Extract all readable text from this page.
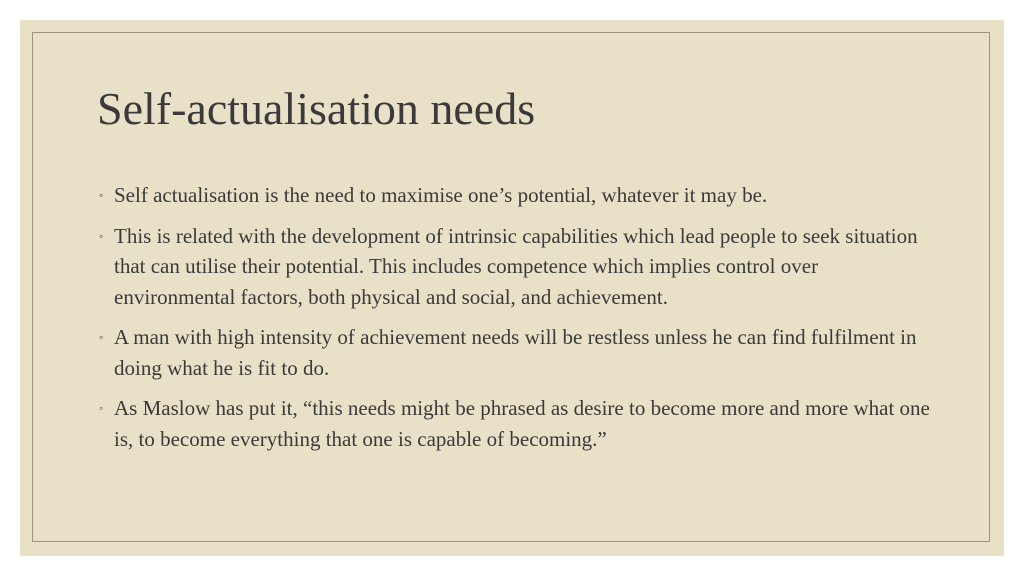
Self-actualisation needs
◦ Self actualisation is the need to maximise one’s potential, whatever it may be.
◦ This is related with the development of intrinsic capabilities which lead people to seek situation that can utilise their potential. This includes competence which implies control over environmental factors, both physical and social, and achievement.
◦ A man with high intensity of achievement needs will be restless unless he can find fulfilment in doing what he is fit to do.
◦ As Maslow has put it, “this needs might be phrased as desire to become more and more what one is, to become everything that one is capable of becoming.”
